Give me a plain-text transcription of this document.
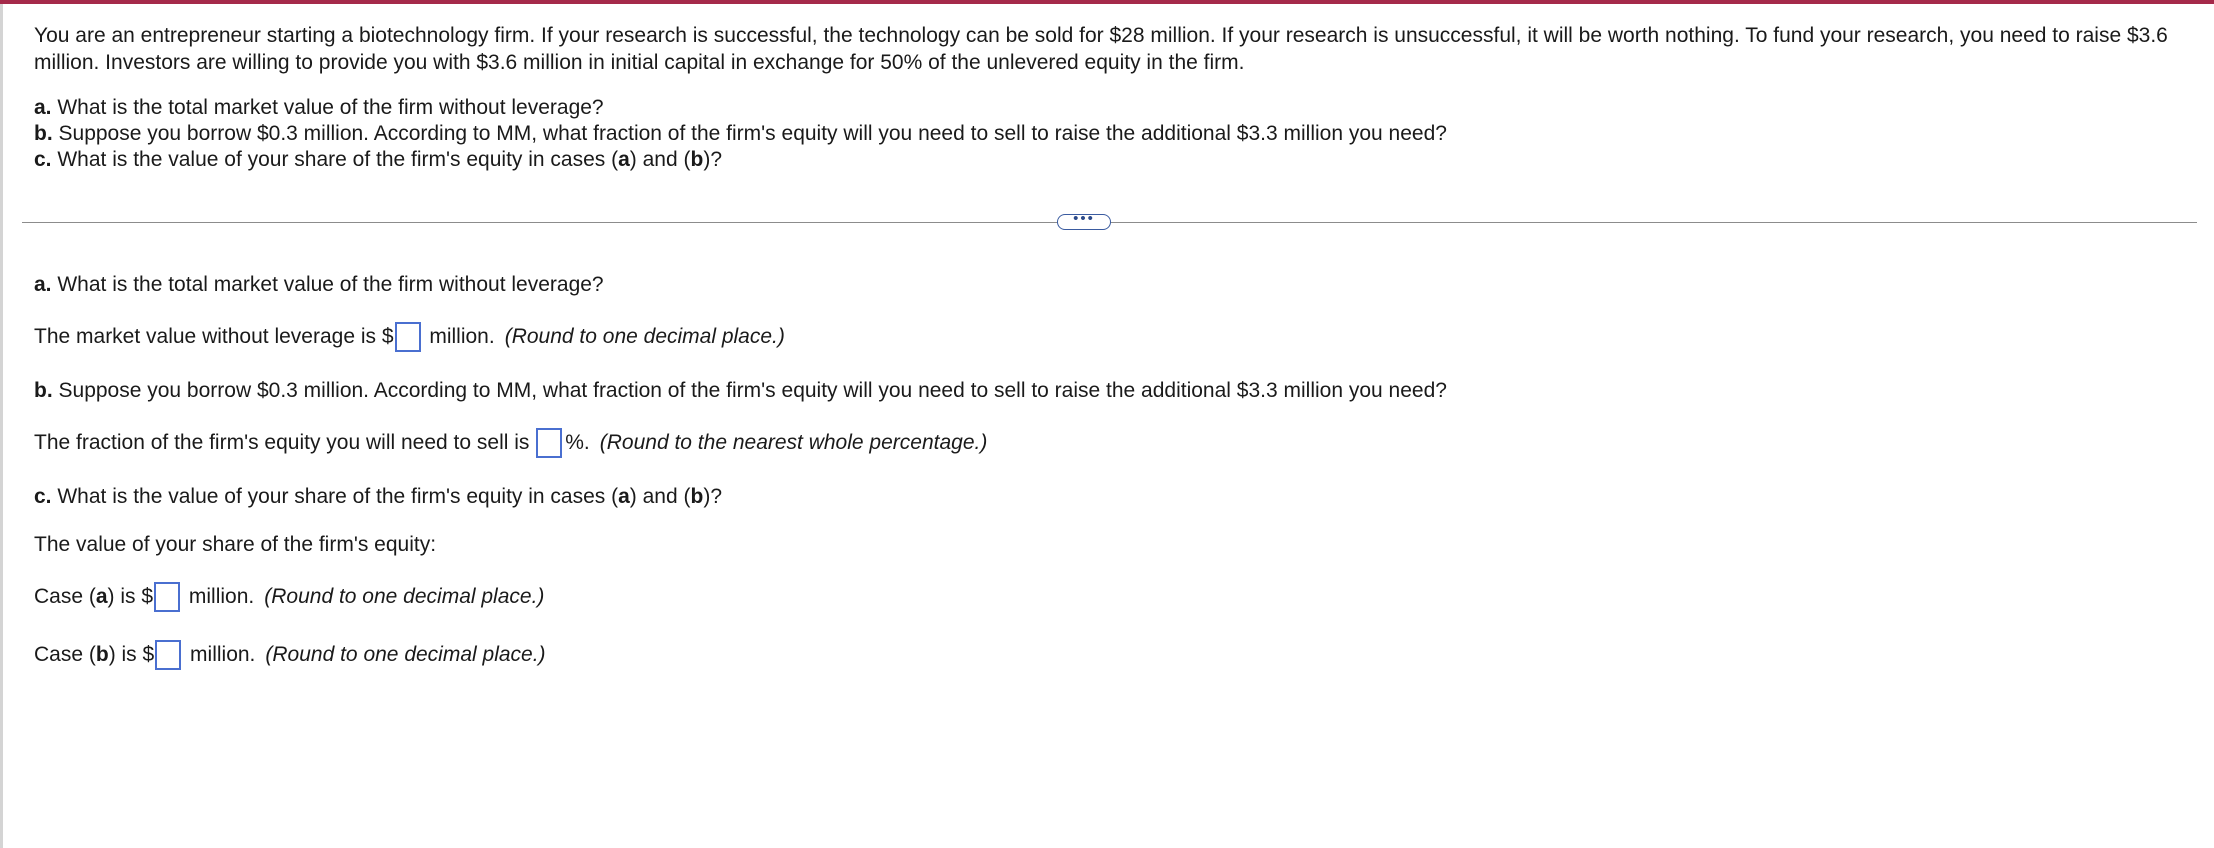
You are an entrepreneur starting a biotechnology firm. If your research is successful, the technology can be sold for $28 million. If your research is unsuccessful, it will be worth nothing. To fund your research, you need to raise $3.6 million. Investors are willing to provide you with $3.6 million in initial capital in exchange for 50% of the unlevered equity in the firm.

a. What is the total market value of the firm without leverage?
b. Suppose you borrow $0.3 million. According to MM, what fraction of the firm's equity will you need to sell to raise the additional $3.3 million you need?
c. What is the value of your share of the firm's equity in cases (a) and (b)?
•••
a. What is the total market value of the firm without leverage?
The market value without leverage is $ million. (Round to one decimal place.)
b. Suppose you borrow $0.3 million. According to MM, what fraction of the firm's equity will you need to sell to raise the additional $3.3 million you need?
The fraction of the firm's equity you will need to sell is %. (Round to the nearest whole percentage.)
c. What is the value of your share of the firm's equity in cases (a) and (b)?
The value of your share of the firm's equity:
Case (a) is $ million. (Round to one decimal place.)
Case (b) is $ million. (Round to one decimal place.)
